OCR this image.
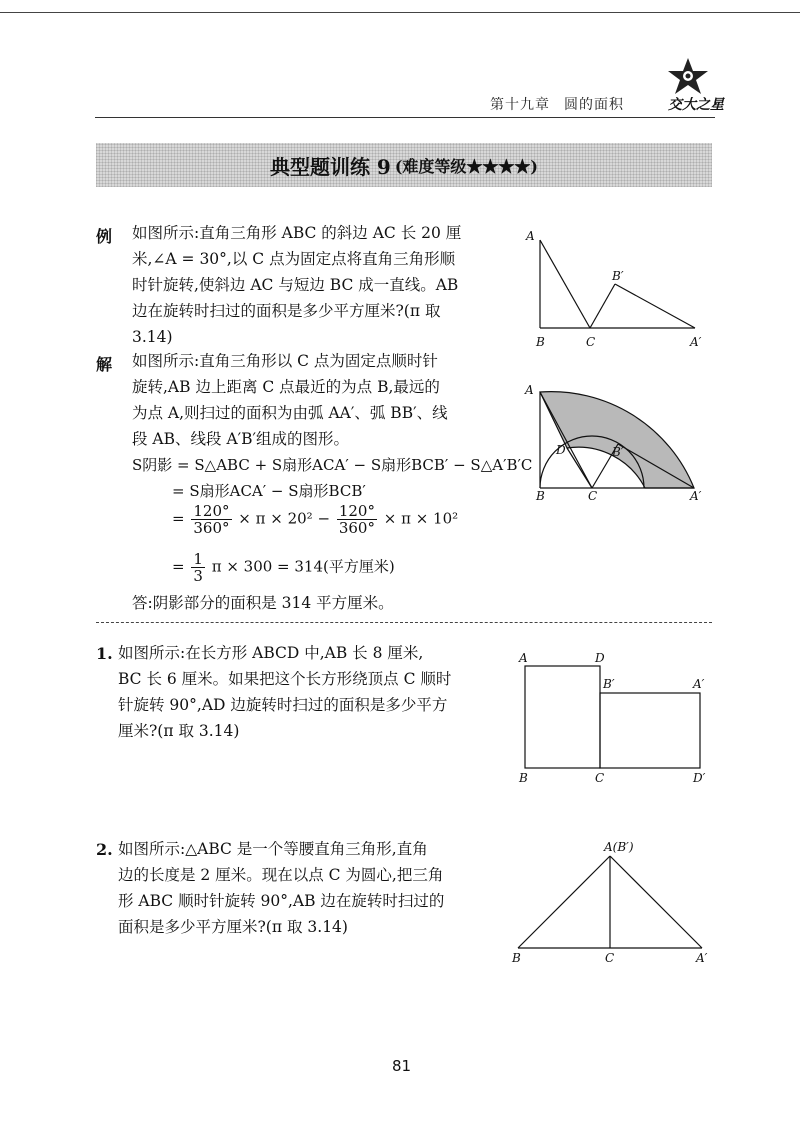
第十九章 圆的面积	交大之星
典型题训练 9 (难度等级★★★★)
例 如图所示:直角三角形 ABC 的斜边 AC 长 20 厘
米,∠A = 30°,以 C 点为固定点将直角三角形顺
时针旋转,使斜边 AC 与短边 BC 成一直线。AB
边在旋转时扫过的面积是多少平方厘米?(π 取
3.14)
解 如图所示:直角三角形以 C 点为固定点顺时针
旋转,AB 边上距离 C 点最近的为点 B,最远的
为点 A,则扫过的面积为由弧 AA′、弧 BB′、线
段 AB、线段 A′B′组成的图形。
S阴影 = S△ABC + S扇形ACA′ − S扇形BCB′ − S△A′B′C
= S扇形ACA′ − S扇形BCB′
= $\frac{120^\circ}{360^\circ} \times \pi \times 20^2 - \frac{120^\circ}{360^\circ} \times \pi \times 10^2$
= $\frac{1}{3}$ π × 300 = 314(平方厘米)
答:阴影部分的面积是 314 平方厘米。
1. 如图所示:在长方形 ABCD 中,AB 长 8 厘米,
BC 长 6 厘米。如果把这个长方形绕顶点 C 顺时
针旋转 90°,AD 边旋转时扫过的面积是多少平方
厘米?(π 取 3.14)
2. 如图所示:△ABC 是一个等腰直角三角形,直角
边的长度是 2 厘米。现在以点 C 为圆心,把三角
形 ABC 顺时针旋转 90°,AB 边在旋转时扫过的
面积是多少平方厘米?(π 取 3.14)
A
B	C
B′
A′
A
D	B′
B	C	A′
A	D
B′	A′
B	C	D′
A(B′)
B	C	A′
81
